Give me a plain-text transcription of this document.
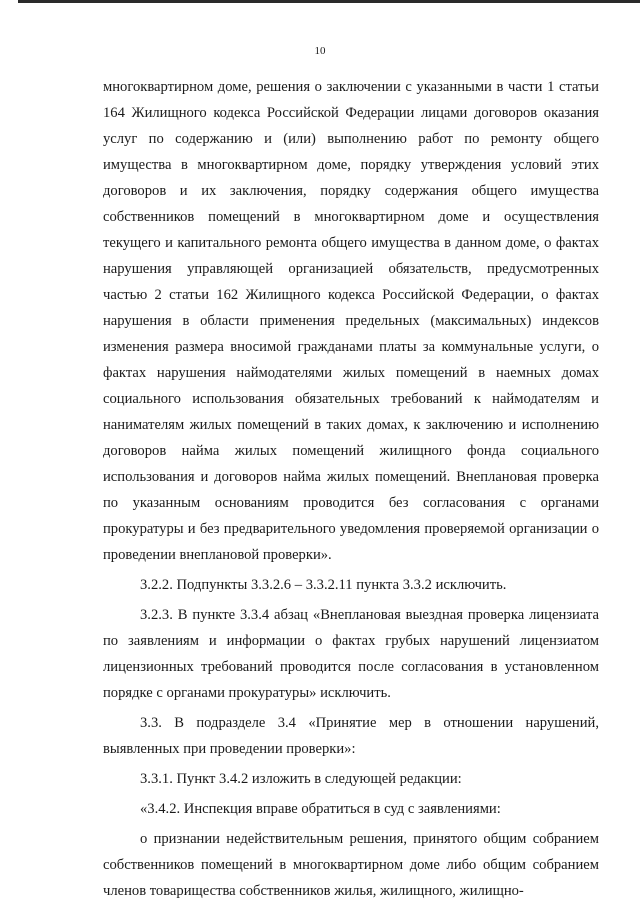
10

многоквартирном доме, решения о заключении с указанными в части 1 статьи 164 Жилищного кодекса Российской Федерации лицами договоров оказания услуг по содержанию и (или) выполнению работ по ремонту общего имущества в многоквартирном доме, порядку утверждения условий этих договоров и их заключения, порядку содержания общего имущества собственников помещений в многоквартирном доме и осуществления текущего и капитального ремонта общего имущества в данном доме, о фактах нарушения управляющей организацией обязательств, предусмотренных частью 2 статьи 162 Жилищного кодекса Российской Федерации, о фактах нарушения в области применения предельных (максимальных) индексов изменения размера вносимой гражданами платы за коммунальные услуги, о фактах нарушения наймодателями жилых помещений в наемных домах социального использования обязательных требований к наймодателям и нанимателям жилых помещений в таких домах, к заключению и исполнению договоров найма жилых помещений жилищного фонда социального использования и договоров найма жилых помещений. Внеплановая проверка по указанным основаниям проводится без согласования с органами прокуратуры и без предварительного уведомления проверяемой организации о проведении внеплановой проверки».

3.2.2. Подпункты 3.3.2.6 – 3.3.2.11 пункта 3.3.2 исключить.

3.2.3. В пункте 3.3.4 абзац «Внеплановая выездная проверка лицензиата по заявлениям и информации о фактах грубых нарушений лицензиатом лицензионных требований проводится после согласования в установленном порядке с органами прокуратуры» исключить.

3.3. В подразделе 3.4 «Принятие мер в отношении нарушений, выявленных при проведении проверки»:

3.3.1. Пункт 3.4.2 изложить в следующей редакции:

«3.4.2. Инспекция вправе обратиться в суд с заявлениями:

о признании недействительным решения, принятого общим собранием собственников помещений в многоквартирном доме либо общим собранием членов товарищества собственников жилья, жилищного, жилищно-
